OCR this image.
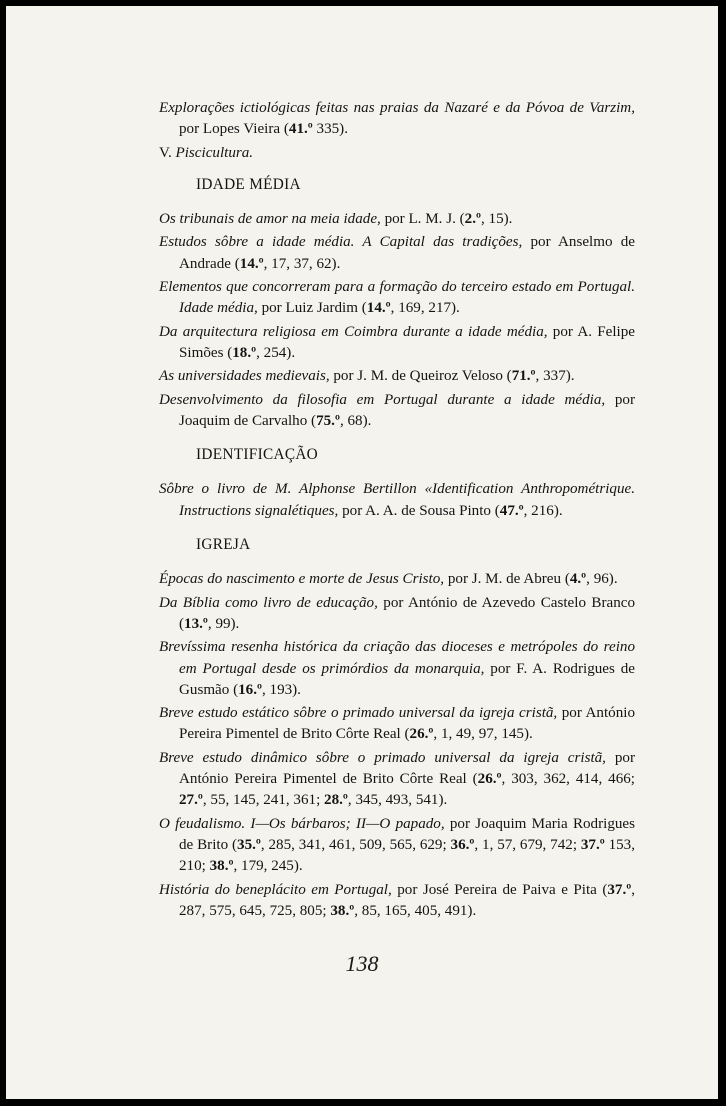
Explorações ictiológicas feitas nas praias da Nazaré e da Póvoa de Varzim, por Lopes Vieira (41.º 335).

V. Piscicultura.

IDADE MÉDIA

Os tribunais de amor na meia idade, por L. M. J. (2.º, 15).

Estudos sôbre a idade média. A Capital das tradições, por Anselmo de Andrade (14.º, 17, 37, 62).

Elementos que concorreram para a formação do terceiro estado em Portugal. Idade média, por Luiz Jardim (14.º, 169, 217).

Da arquitectura religiosa em Coimbra durante a idade média, por A. Felipe Simões (18.º, 254).

As universidades medievais, por J. M. de Queiroz Veloso (71.º, 337).

Desenvolvimento da filosofia em Portugal durante a idade média, por Joaquim de Carvalho (75.º, 68).

IDENTIFICAÇÃO

Sôbre o livro de M. Alphonse Bertillon «Identification Anthropométrique. Instructions signalétiques, por A. A. de Sousa Pinto (47.º, 216).

IGREJA

Épocas do nascimento e morte de Jesus Cristo, por J. M. de Abreu (4.º, 96).

Da Bíblia como livro de educação, por António de Azevedo Castelo Branco (13.º, 99).

Brevíssima resenha histórica da criação das dioceses e metrópoles do reino em Portugal desde os primórdios da monarquia, por F. A. Rodrigues de Gusmão (16.º, 193).

Breve estudo estático sôbre o primado universal da igreja cristã, por António Pereira Pimentel de Brito Côrte Real (26.º, 1, 49, 97, 145).

Breve estudo dinâmico sôbre o primado universal da igreja cristã, por António Pereira Pimentel de Brito Côrte Real (26.º, 303, 362, 414, 466; 27.º, 55, 145, 241, 361; 28.º, 345, 493, 541).

O feudalismo. I—Os bárbaros; II—O papado, por Joaquim Maria Rodrigues de Brito (35.º, 285, 341, 461, 509, 565, 629; 36.º, 1, 57, 679, 742; 37.º 153, 210; 38.º, 179, 245).

História do beneplácito em Portugal, por José Pereira de Paiva e Pita (37.º, 287, 575, 645, 725, 805; 38.º, 85, 165, 405, 491).

138
